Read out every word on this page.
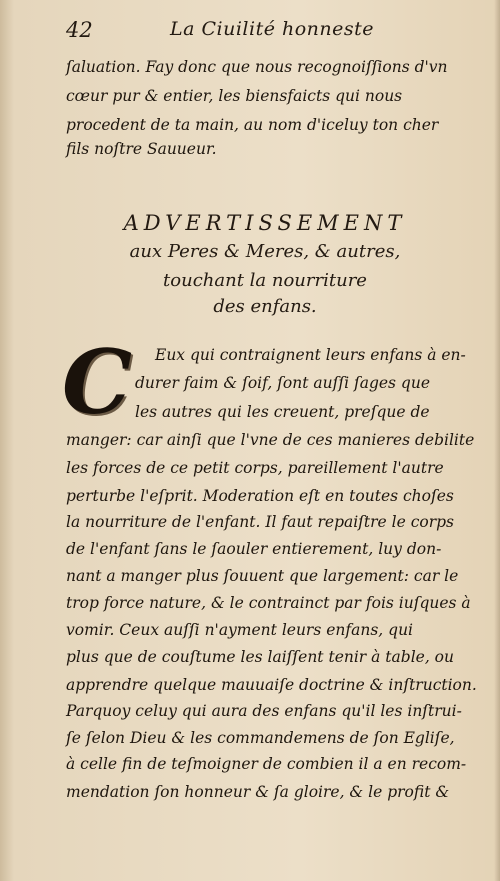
42	La Ciuilité honneste
ſaluation. Fay donc que nous recognoiſſions d'vn
cœur pur & entier, les biensfaicts qui nous
procedent de ta main, au nom d'iceluy ton cher
fils noſtre Sauueur.
ADVERTISSEMENT
aux Peres & Meres, & autres,
touchant la nourriture
des enfans.
C Eux qui contraignent leurs enfans à en-
durer faim & ſoif, ſont auſſi ſages que
les autres qui les creuent, preſque de
manger: car ainſi que l'vne de ces manieres debilite
les forces de ce petit corps, pareillement l'autre
perturbe l'eſprit. Moderation eſt en toutes choſes
la nourriture de l'enfant. Il faut repaiſtre le corps
de l'enfant ſans le ſaouler entierement, luy don-
nant a manger plus ſouuent que largement: car le
trop force nature, & le contrainct par fois iuſques à
vomir. Ceux auſſi n'ayment leurs enfans, qui
plus que de couſtume les laiſſent tenir à table, ou
apprendre quelque mauuaiſe doctrine & inſtruction.
Parquoy celuy qui aura des enfans qu'il les inſtrui-
ſe ſelon Dieu & les commandemens de ſon Egliſe,
à celle fin de teſmoigner de combien il a en recom-
mendation ſon honneur & ſa gloire, & le profit &
